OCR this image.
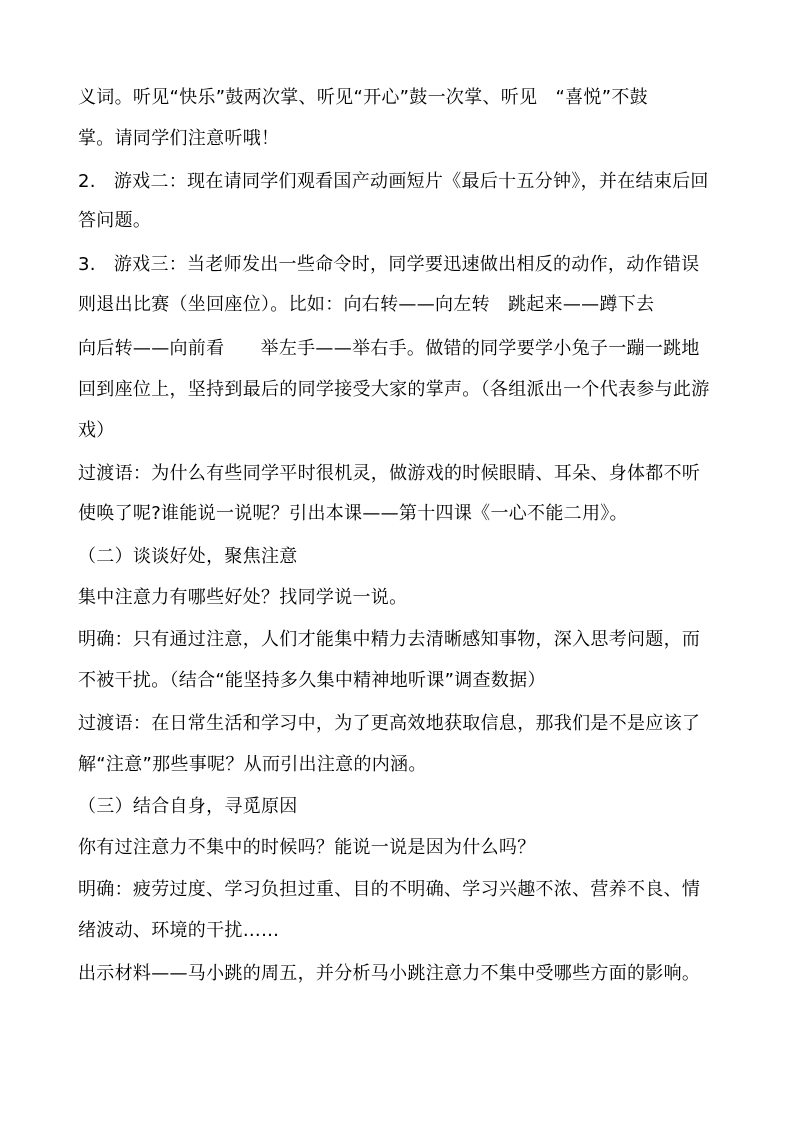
义词。听见“快乐”鼓两次掌、听见“开心”鼓一次掌、听见   “喜悦”不鼓
掌。请同学们注意听哦！
2.   游戏二：现在请同学们观看国产动画短片《最后十五分钟》，并在结束后回
答问题。
3.   游戏三：当老师发出一些命令时，同学要迅速做出相反的动作，动作错误
则退出比赛（坐回座位）。比如：向右转——向左转   跳起来——蹲下去
向后转——向前看      举左手——举右手。做错的同学要学小兔子一蹦一跳地
回到座位上，坚持到最后的同学接受大家的掌声。（各组派出一个代表参与此游
戏）
过渡语：为什么有些同学平时很机灵，做游戏的时候眼睛、耳朵、身体都不听
使唤了呢?谁能说一说呢？引出本课——第十四课《一心不能二用》。
（二）谈谈好处，聚焦注意
集中注意力有哪些好处？找同学说一说。
明确：只有通过注意，人们才能集中精力去清晰感知事物，深入思考问题，而
不被干扰。（结合“能坚持多久集中精神地听课”调查数据）
过渡语：在日常生活和学习中，为了更高效地获取信息，那我们是不是应该了
解“注意”那些事呢？从而引出注意的内涵。
（三）结合自身，寻觅原因
你有过注意力不集中的时候吗？能说一说是因为什么吗？
明确：疲劳过度、学习负担过重、目的不明确、学习兴趣不浓、营养不良、情
绪波动、环境的干扰……
出示材料——马小跳的周五，并分析马小跳注意力不集中受哪些方面的影响。
